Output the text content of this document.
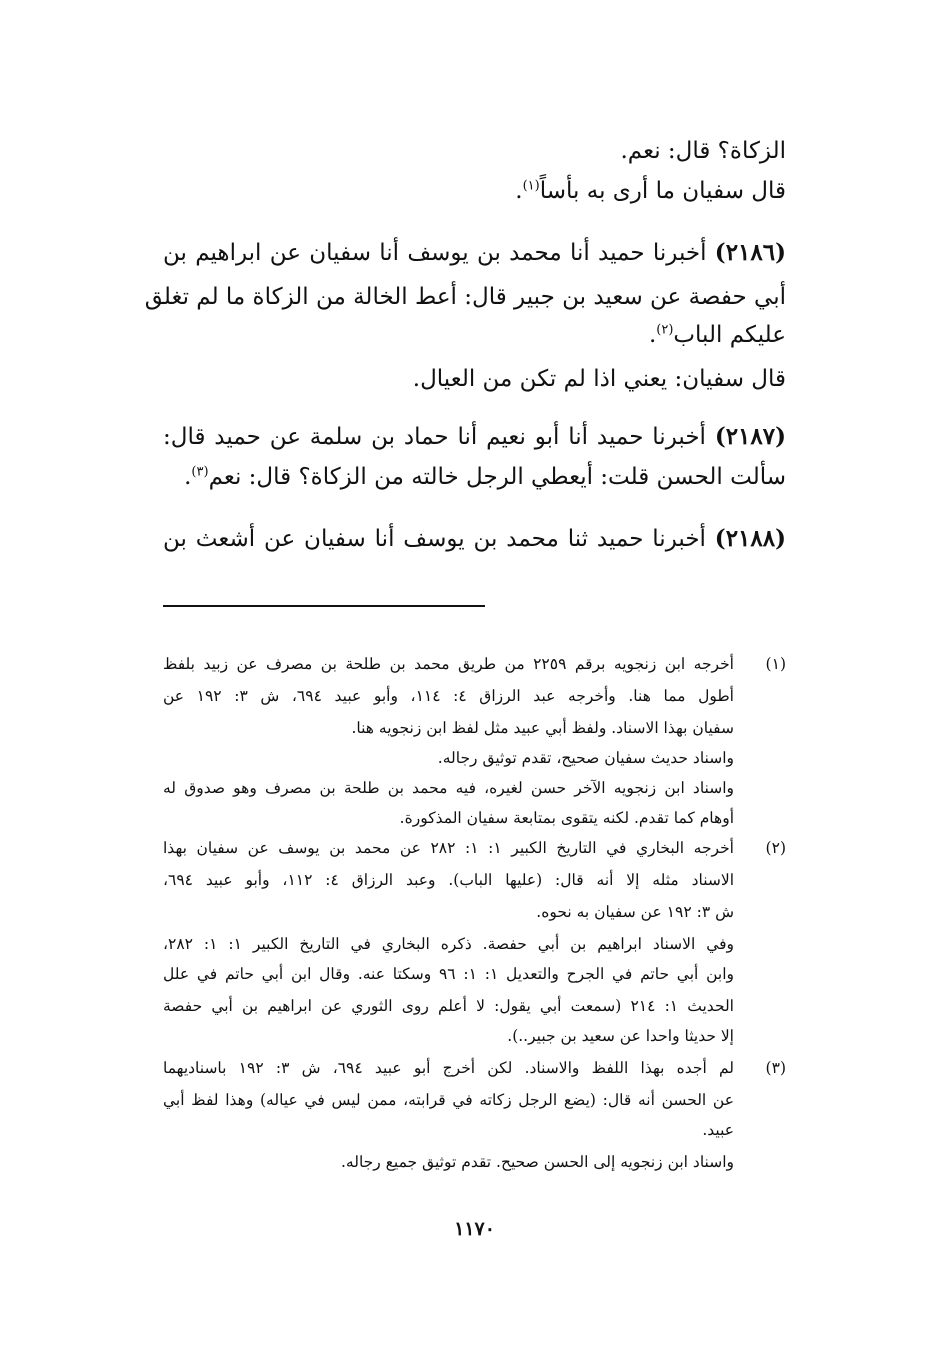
الزكاة؟ قال: نعم.
قال سفيان ما أرى به بأساً$^{(١)}$.
(٢١٨٦) أخبرنا حميد أنا محمد بن يوسف أنا سفيان عن ابراهيم بن
أبي حفصة عن سعيد بن جبير قال: أعط الخالة من الزكاة ما لم تغلق
عليكم الباب$^{(٢)}$.
قال سفيان: يعني اذا لم تكن من العيال.
(٢١٨٧) أخبرنا حميد أنا أبو نعيم أنا حماد بن سلمة عن حميد قال:
سألت الحسن قلت: أيعطي الرجل خالته من الزكاة؟ قال: نعم$^{(٣)}$.
(٢١٨٨) أخبرنا حميد ثنا محمد بن يوسف أنا سفيان عن أشعث بن
(١)
أخرجه ابن زنجويه برقم ٢٢٥٩ من طريق محمد بن طلحة بن مصرف عن زبيد بلفظ
أطول مما هنا. وأخرجه عبد الرزاق ٤: ١١٤، وأبو عبيد ٦٩٤، ش ٣: ١٩٢ عن
سفيان بهذا الاسناد. ولفظ أبي عبيد مثل لفظ ابن زنجويه هنا.
واسناد حديث سفيان صحيح، تقدم توثيق رجاله.
واسناد ابن زنجويه الآخر حسن لغيره، فيه محمد بن طلحة بن مصرف وهو صدوق له
أوهام كما تقدم. لكنه يتقوى بمتابعة سفيان المذكورة.
(٢)
أخرجه البخاري في التاريخ الكبير ١: ١: ٢٨٢ عن محمد بن يوسف عن سفيان بهذا
الاسناد مثله إلا أنه قال: (عليها الباب). وعبد الرزاق ٤: ١١٢، وأبو عبيد ٦٩٤،
ش ٣: ١٩٢ عن سفيان به نحوه.
وفي الاسناد ابراهيم بن أبي حفصة. ذكره البخاري في التاريخ الكبير ١: ١: ٢٨٢،
وابن أبي حاتم في الجرح والتعديل ١: ١: ٩٦ وسكتا عنه. وقال ابن أبي حاتم في علل
الحديث ١: ٢١٤ (سمعت أبي يقول: لا أعلم روى الثوري عن ابراهيم بن أبي حفصة
إلا حديثا واحدا عن سعيد بن جبير..).
(٣)
لم أجده بهذا اللفظ والاسناد. لكن أخرج أبو عبيد ٦٩٤، ش ٣: ١٩٢ باسناديهما
عن الحسن أنه قال: (يضع الرجل زكاته في قرابته، ممن ليس في عياله) وهذا لفظ أبي
عبيد.
واسناد ابن زنجويه إلى الحسن صحيح. تقدم توثيق جميع رجاله.
١١٧٠
